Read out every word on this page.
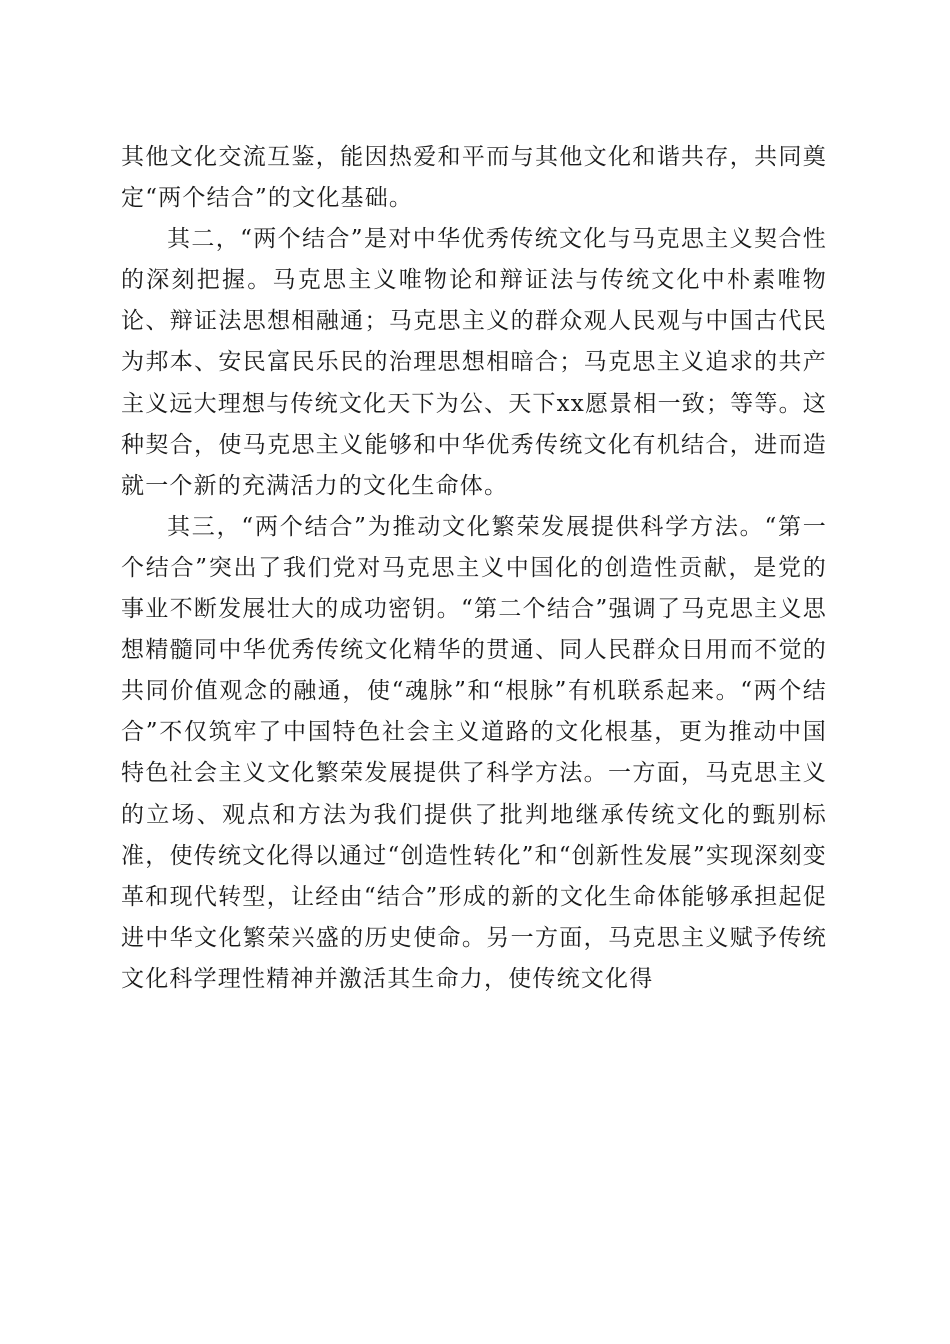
其他文化交流互鉴，能因热爱和平而与其他文化和谐共存，共同奠定“两个结合”的文化基础。

其二，“两个结合”是对中华优秀传统文化与马克思主义契合性的深刻把握。马克思主义唯物论和辩证法与传统文化中朴素唯物论、辩证法思想相融通；马克思主义的群众观人民观与中国古代民为邦本、安民富民乐民的治理思想相暗合；马克思主义追求的共产主义远大理想与传统文化天下为公、天下xx愿景相一致；等等。这种契合，使马克思主义能够和中华优秀传统文化有机结合，进而造就一个新的充满活力的文化生命体。

其三，“两个结合”为推动文化繁荣发展提供科学方法。“第一个结合”突出了我们党对马克思主义中国化的创造性贡献，是党的事业不断发展壮大的成功密钥。“第二个结合”强调了马克思主义思想精髓同中华优秀传统文化精华的贯通、同人民群众日用而不觉的共同价值观念的融通，使“魂脉”和“根脉”有机联系起来。“两个结合”不仅筑牢了中国特色社会主义道路的文化根基，更为推动中国特色社会主义文化繁荣发展提供了科学方法。一方面，马克思主义的立场、观点和方法为我们提供了批判地继承传统文化的甄别标准，使传统文化得以通过“创造性转化”和“创新性发展”实现深刻变革和现代转型，让经由“结合”形成的新的文化生命体能够承担起促进中华文化繁荣兴盛的历史使命。另一方面，马克思主义赋予传统文化科学理性精神并激活其生命力，使传统文化得
